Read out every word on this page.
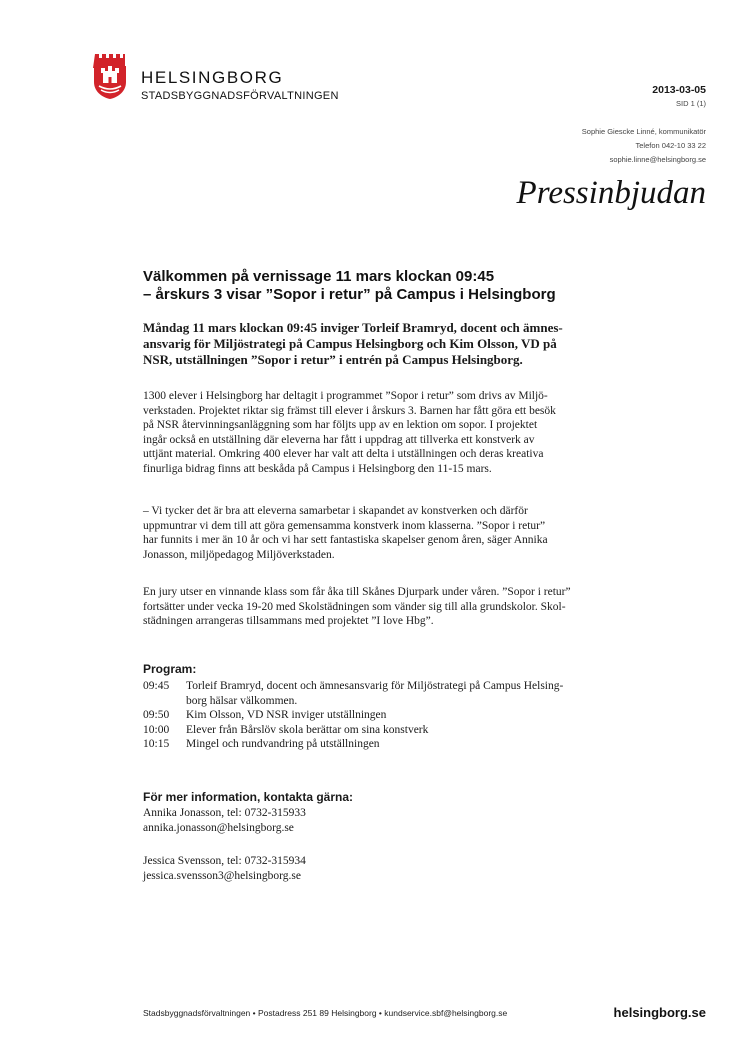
HELSINGBORG
STADSBYGGNADSFÖRVALTNINGEN	2013-03-05
SID 1 (1)
Sophie Giescke Linné, kommunikatör
Telefon 042-10 33 22
sophie.linne@helsingborg.se
Pressinbjudan
Välkommen på vernissage 11 mars klockan 09:45
– årskurs 3 visar ”Sopor i retur” på Campus i Helsingborg
Måndag 11 mars klockan 09:45 inviger Torleif Bramryd, docent och ämnes-
ansvarig för Miljöstrategi på Campus Helsingborg och Kim Olsson, VD på
NSR, utställningen ”Sopor i retur” i entrén på Campus Helsingborg.
1300 elever i Helsingborg har deltagit i programmet ”Sopor i retur” som drivs av Miljö-
verkstaden. Projektet riktar sig främst till elever i årskurs 3. Barnen har fått göra ett besök
på NSR återvinningsanläggning som har följts upp av en lektion om sopor. I projektet
ingår också en utställning där eleverna har fått i uppdrag att tillverka ett konstverk av
uttjänt material. Omkring 400 elever har valt att delta i utställningen och deras kreativa
finurliga bidrag finns att beskåda på Campus i Helsingborg den 11-15 mars.
– Vi tycker det är bra att eleverna samarbetar i skapandet av konstverken och därför
uppmuntrar vi dem till att göra gemensamma konstverk inom klasserna. ”Sopor i retur”
har funnits i mer än 10 år och vi har sett fantastiska skapelser genom åren, säger Annika
Jonasson, miljöpedagog Miljöverkstaden.
En jury utser en vinnande klass som får åka till Skånes Djurpark under våren. ”Sopor i retur”
fortsätter under vecka 19-20 med Skolstädningen som vänder sig till alla grundskolor. Skol-
städningen arrangeras tillsammans med projektet ”I love Hbg”.
Program:
09:45	Torleif Bramryd, docent och ämnesansvarig för Miljöstrategi på Campus Helsing-
borg hälsar välkommen.
09:50	Kim Olsson, VD NSR inviger utställningen
10:00	Elever från Bårslöv skola berättar om sina konstverk
10:15	Mingel och rundvandring på utställningen
För mer information, kontakta gärna:
Annika Jonasson, tel: 0732-315933
annika.jonasson@helsingborg.se
Jessica Svensson, tel: 0732-315934
jessica.svensson3@helsingborg.se
Stadsbyggnadsförvaltningen • Postadress 251 89 Helsingborg • kundservice.sbf@helsingborg.se	helsingborg.se
